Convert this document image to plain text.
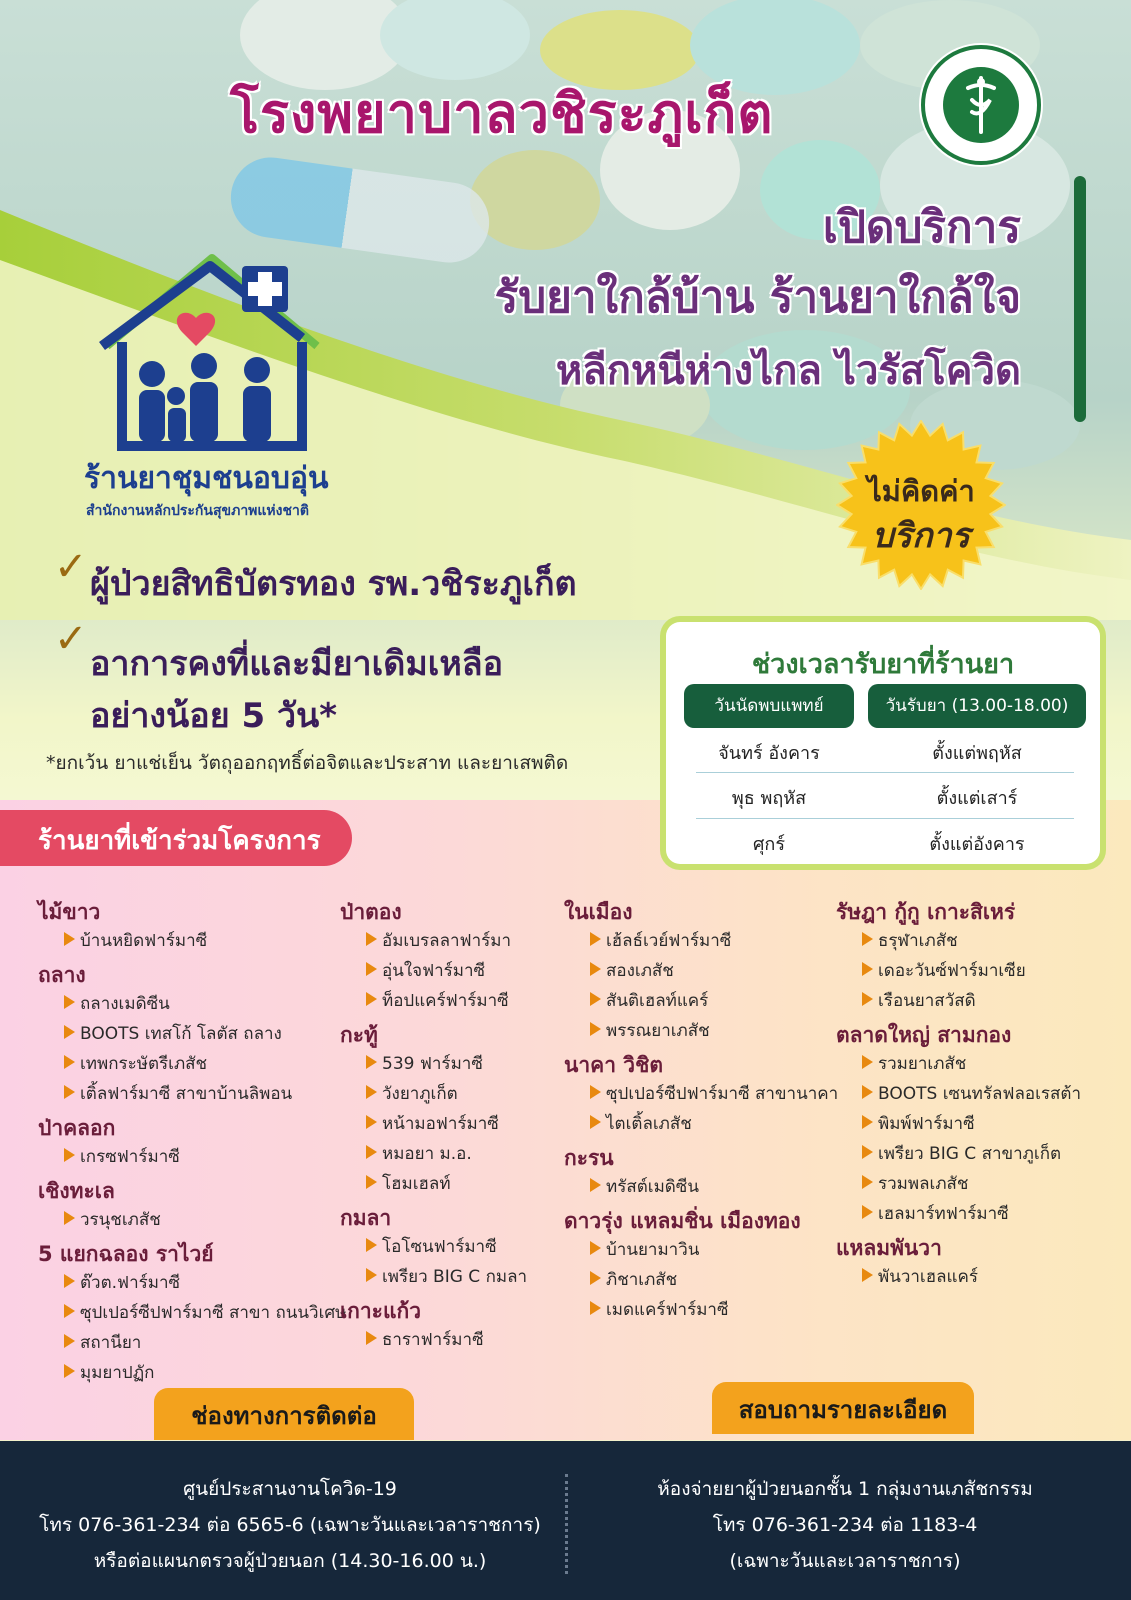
โรงพยาบาลวชิระภูเก็ต
เปิดบริการ
รับยาใกล้บ้าน ร้านยาใกล้ใจ
หลีกหนีห่างไกล ไวรัสโควิด
ร้านยาชุมชนอบอุ่น
สำนักงานหลักประกันสุขภาพแห่งชาติ
ไม่คิดค่า
บริการ
✓ ผู้ป่วยสิทธิบัตรทอง รพ.วชิระภูเก็ต
✓
อาการคงที่และมียาเดิมเหลือ
อย่างน้อย 5 วัน*
*ยกเว้น ยาแช่เย็น วัตถุออกฤทธิ์ต่อจิตและประสาท และยาเสพติด
ช่วงเวลารับยาที่ร้านยา
วันนัดพบแพทย์	วันรับยา (13.00-18.00)
จันทร์ อังคาร	ตั้งแต่พฤหัส
พุธ พฤหัส	ตั้งแต่เสาร์
ศุกร์	ตั้งแต่อังคาร
ร้านยาที่เข้าร่วมโครงการ
ไม้ขาว
บ้านหยิดฟาร์มาซี
ถลาง
ถลางเมดิซีน
BOOTS เทสโก้ โลตัส ถลาง
เทพกระษัตรีเภสัช
เติ้ลฟาร์มาซี สาขาบ้านลิพอน
ป่าคลอก
เกรซฟาร์มาซี
เชิงทะเล
วรนุชเภสัช
5 แยกฉลอง ราไวย์
ต๊วต.ฟาร์มาซี
ซุปเปอร์ซีปฟาร์มาซี สาขา ถนนวิเศษ
สถานียา
มุมยาปฏัก
ป่าตอง
อัมเบรลลาฟาร์มา
อุ่นใจฟาร์มาซี
ท็อปแคร์ฟาร์มาซี
กะทู้
539 ฟาร์มาซี
วังยาภูเก็ต
หน้ามอฟาร์มาซี
หมอยา ม.อ.
โฮมเฮลท์
กมลา
โอโซนฟาร์มาซี
เพรียว BIG C กมลา
เกาะแก้ว
ธาราฟาร์มาซี
ในเมือง
เฮ้ลธ์เวย์ฟาร์มาซี
สองเภสัช
สันติเฮลท์แคร์
พรรณยาเภสัช
นาคา วิชิต
ซุปเปอร์ซีปฟาร์มาซี สาขานาคา
ไตเติ้ลเภสัช
กะรน
ทรัสต์เมดิซีน
ดาวรุ่ง แหลมชิ่น เมืองทอง
บ้านยามาวิน
ภิชาเภสัช
เมดแคร์ฟาร์มาซี
รัษฎา กู้กู เกาะสิเหร่
ธรุฬาเภสัช
เดอะวันซ์ฟาร์มาเซีย
เรือนยาสวัสดิ
ตลาดใหญ่ สามกอง
รวมยาเภสัช
BOOTS เซนทรัลฟลอเรสต้า
พิมพ์ฟาร์มาซี
เพรียว BIG C สาขาภูเก็ต
รวมพลเภสัช
เฮลมาร์ทฟาร์มาซี
แหลมพันวา
พันวาเฮลแคร์
ช่องทางการติดต่อ	สอบถามรายละเอียด
ศูนย์ประสานงานโควิด-19
โทร 076-361-234 ต่อ 6565-6 (เฉพาะวันและเวลาราชการ)
หรือต่อแผนกตรวจผู้ป่วยนอก (14.30-16.00 น.)
ห้องจ่ายยาผู้ป่วยนอกชั้น 1 กลุ่มงานเภสัชกรรม
โทร 076-361-234 ต่อ 1183-4
(เฉพาะวันและเวลาราชการ)
